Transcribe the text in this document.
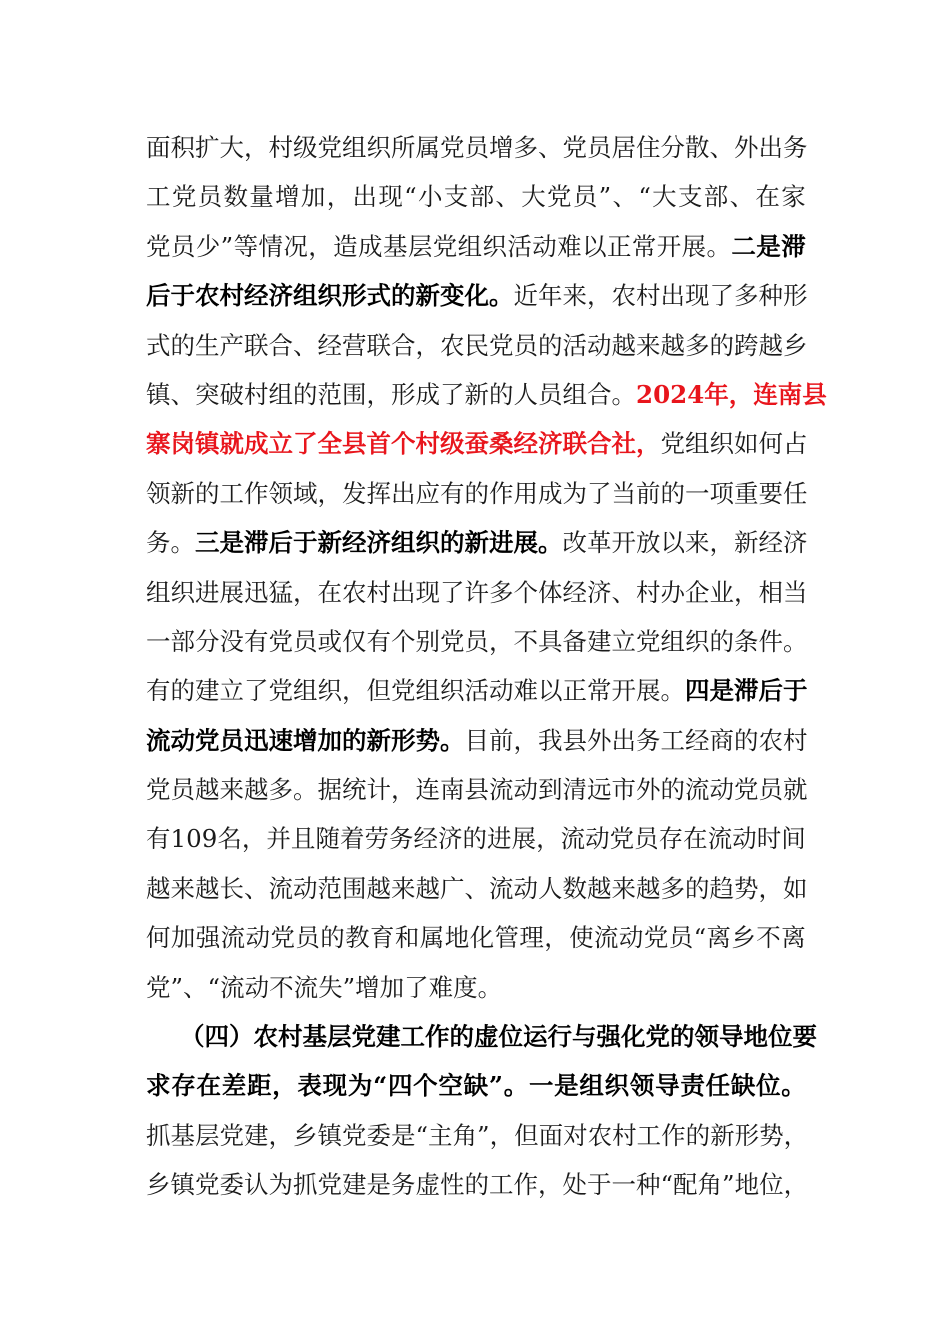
面 积 扩 大 ， 村 级 党 组 织 所 属 党 员 增 多 、 党 员 居 住 分 散 、 外 出 务
工 党 员 数 量 增 加 ， 出 现 “ 小 支 部 、 大 党 员 ” 、 “ 大 支 部 、 在 家
党 员 少 ” 等 情 况 ， 造 成 基 层 党 组 织 活 动 难 以 正 常 开 展 。 二 是 滞
后 于 农 村 经 济 组 织 形 式 的 新 变 化 。 近 年 来 ， 农 村 出 现 了 多 种 形
式 的 生 产 联 合 、 经 营 联 合 ， 农 民 党 员 的 活 动 越 来 越 多 的 跨 越 乡
镇 、 突 破 村 组 的 范 围 ， 形 成 了 新 的 人 员 组 合 。 2 0 2 4 年 ， 连 南 县
寨 岗 镇 就 成 立 了 全 县 首 个 村 级 蚕 桑 经 济 联 合 社 ， 党 组 织 如 何 占
领 新 的 工 作 领 域 ， 发 挥 出 应 有 的 作 用 成 为 了 当 前 的 一 项 重 要 任
务 。 三 是 滞 后 于 新 经 济 组 织 的 新 进 展 。 改 革 开 放 以 来 ， 新 经 济
组 织 进 展 迅 猛 ， 在 农 村 出 现 了 许 多 个 体 经 济 、 村 办 企 业 ， 相 当
一 部 分 没 有 党 员 或 仅 有 个 别 党 员 ， 不 具 备 建 立 党 组 织 的 条 件 。
有 的 建 立 了 党 组 织 ， 但 党 组 织 活 动 难 以 正 常 开 展 。 四 是 滞 后 于
流 动 党 员 迅 速 增 加 的 新 形 势 。 目 前 ， 我 县 外 出 务 工 经 商 的 农 村
党 员 越 来 越 多 。 据 统 计 ， 连 南 县 流 动 到 清 远 市 外 的 流 动 党 员 就
有 1 0 9 名 ， 并 且 随 着 劳 务 经 济 的 进 展 ， 流 动 党 员 存 在 流 动 时 间
越 来 越 长 、 流 动 范 围 越 来 越 广 、 流 动 人 数 越 来 越 多 的 趋 势 ， 如
何 加 强 流 动 党 员 的 教 育 和 属 地 化 管 理 ， 使 流 动 党 员 “ 离 乡 不 离
党 ” 、 “ 流 动 不 流 失 ” 增 加 了 难 度 。
（ 四 ） 农 村 基 层 党 建 工 作 的 虚 位 运 行 与 强 化 党 的 领 导 地 位 要
求 存 在 差 距 ， 表 现 为 “ 四 个 空 缺 ” 。 一 是 组 织 领 导 责 任 缺 位 。
抓 基 层 党 建 ， 乡 镇 党 委 是 “ 主 角 ” ， 但 面 对 农 村 工 作 的 新 形 势 ，
乡 镇 党 委 认 为 抓 党 建 是 务 虚 性 的 工 作 ， 处 于 一 种 “ 配 角 ” 地 位 ，
